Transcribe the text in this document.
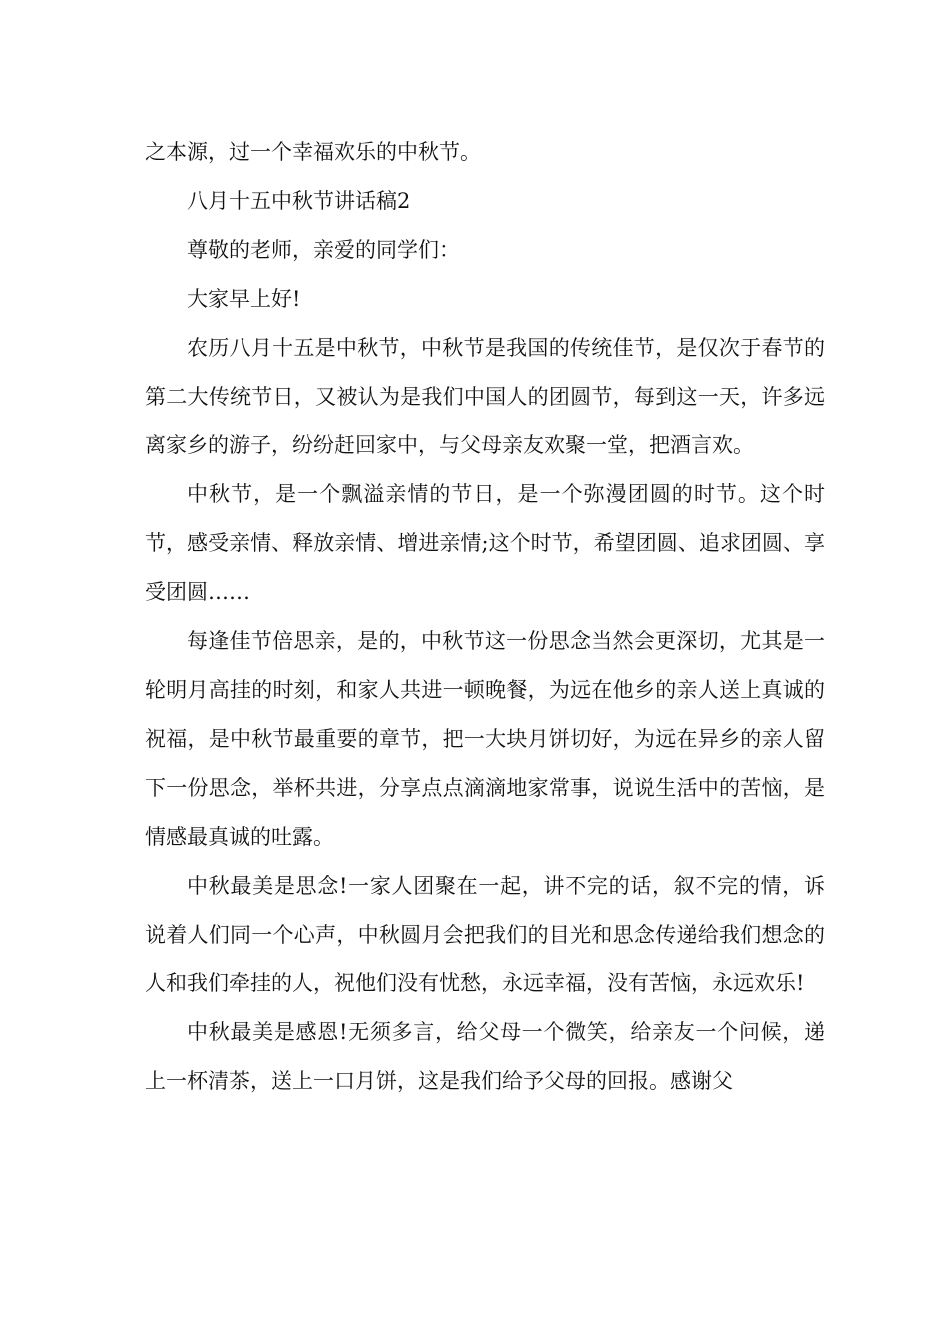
之本源，过一个幸福欢乐的中秋节。

八月十五中秋节讲话稿2

尊敬的老师，亲爱的同学们：

大家早上好!

农历八月十五是中秋节，中秋节是我国的传统佳节，是仅次于春节的第二大传统节日，又被认为是我们中国人的团圆节，每到这一天，许多远离家乡的游子，纷纷赶回家中，与父母亲友欢聚一堂，把酒言欢。

中秋节，是一个飘溢亲情的节日，是一个弥漫团圆的时节。这个时节，感受亲情、释放亲情、增进亲情;这个时节，希望团圆、追求团圆、享受团圆……

每逢佳节倍思亲，是的，中秋节这一份思念当然会更深切，尤其是一轮明月高挂的时刻，和家人共进一顿晚餐，为远在他乡的亲人送上真诚的祝福，是中秋节最重要的章节，把一大块月饼切好，为远在异乡的亲人留下一份思念，举杯共进，分享点点滴滴地家常事，说说生活中的苦恼，是情感最真诚的吐露。

中秋最美是思念!一家人团聚在一起，讲不完的话，叙不完的情，诉说着人们同一个心声，中秋圆月会把我们的目光和思念传递给我们想念的人和我们牵挂的人，祝他们没有忧愁，永远幸福，没有苦恼，永远欢乐!

中秋最美是感恩!无须多言，给父母一个微笑，给亲友一个问候，递上一杯清茶，送上一口月饼，这是我们给予父母的回报。感谢父
